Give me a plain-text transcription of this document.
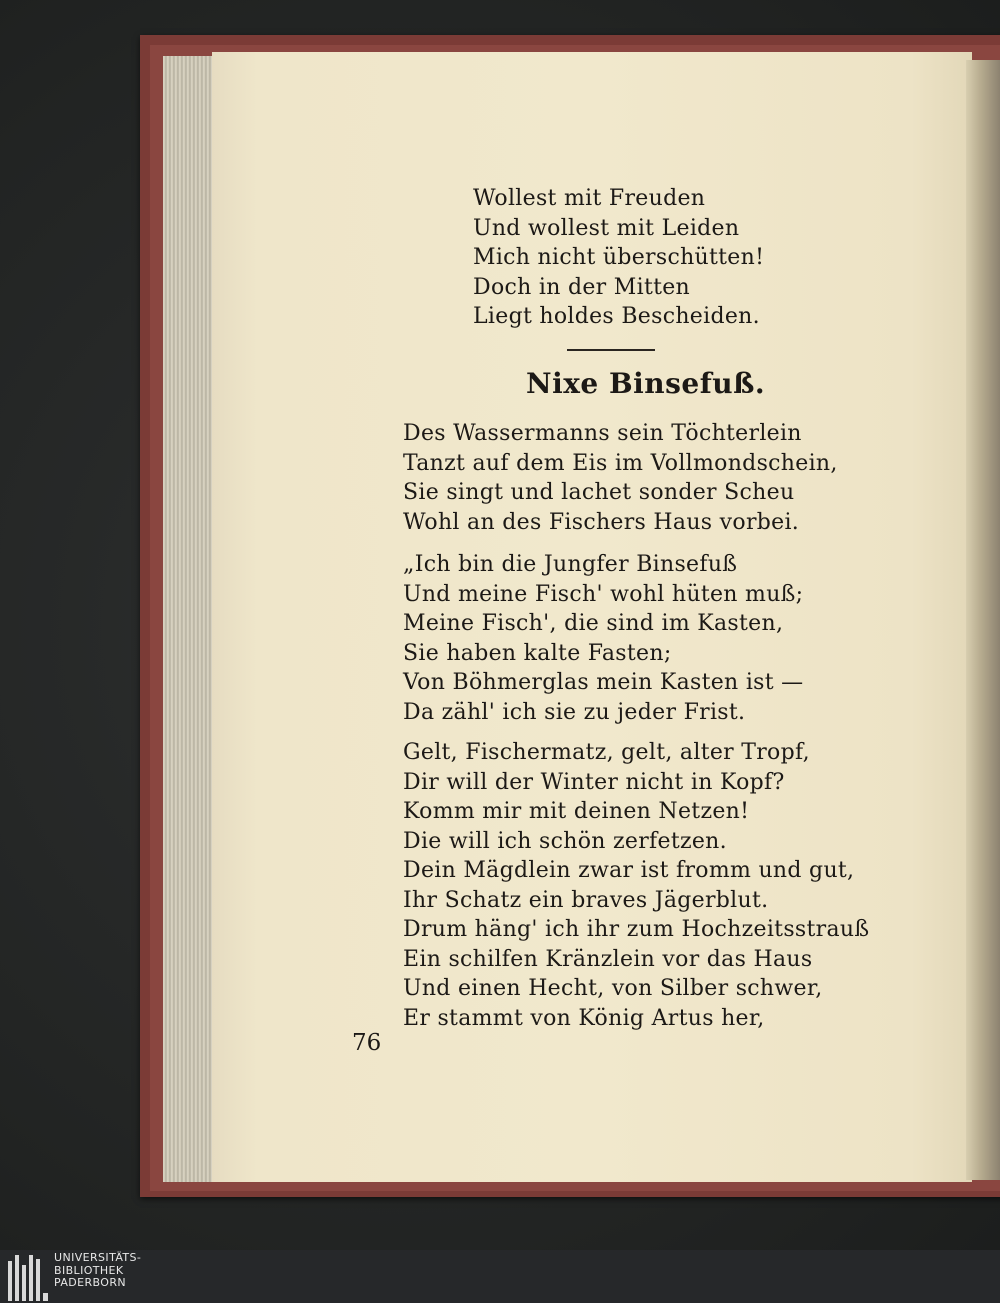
Wollest mit Freuden
Und wollest mit Leiden
Mich nicht überschütten!
Doch in der Mitten
Liegt holdes Bescheiden.
Nixe Binsefuß.
Des Wassermanns sein Töchterlein
Tanzt auf dem Eis im Vollmondschein,
Sie singt und lachet sonder Scheu
Wohl an des Fischers Haus vorbei.
„Ich bin die Jungfer Binsefuß
Und meine Fisch' wohl hüten muß;
Meine Fisch', die sind im Kasten,
Sie haben kalte Fasten;
Von Böhmerglas mein Kasten ist —
Da zähl' ich sie zu jeder Frist.
Gelt, Fischermatz, gelt, alter Tropf,
Dir will der Winter nicht in Kopf?
Komm mir mit deinen Netzen!
Die will ich schön zerfetzen.
Dein Mägdlein zwar ist fromm und gut,
Ihr Schatz ein braves Jägerblut.
Drum häng' ich ihr zum Hochzeitsstrauß
Ein schilfen Kränzlein vor das Haus
Und einen Hecht, von Silber schwer,
Er stammt von König Artus her,
76
UNIVERSITÄTS-
BIBLIOTHEK
PADERBORN
